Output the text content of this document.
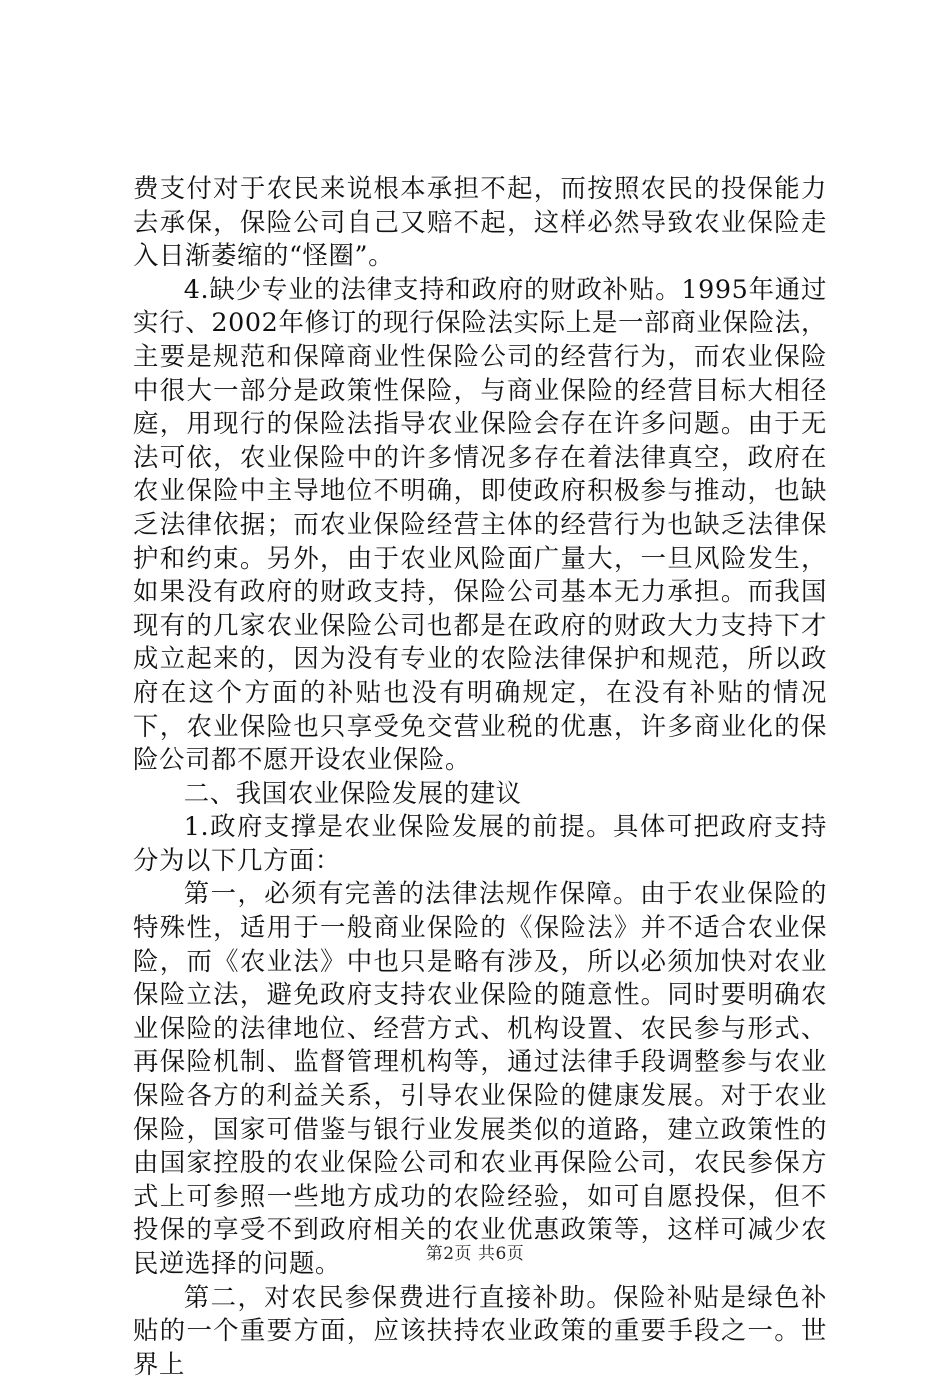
费支付对于农民来说根本承担不起，而按照农民的投保能力去承保，保险公司自己又赔不起，这样必然导致农业保险走入日渐萎缩的“怪圈”。

4.缺少专业的法律支持和政府的财政补贴。1995年通过实行、2002年修订的现行保险法实际上是一部商业保险法，主要是规范和保障商业性保险公司的经营行为，而农业保险中很大一部分是政策性保险，与商业保险的经营目标大相径庭，用现行的保险法指导农业保险会存在许多问题。由于无法可依，农业保险中的许多情况多存在着法律真空，政府在农业保险中主导地位不明确，即使政府积极参与推动，也缺乏法律依据；而农业保险经营主体的经营行为也缺乏法律保护和约束。另外，由于农业风险面广量大，一旦风险发生，如果没有政府的财政支持，保险公司基本无力承担。而我国现有的几家农业保险公司也都是在政府的财政大力支持下才成立起来的，因为没有专业的农险法律保护和规范，所以政府在这个方面的补贴也没有明确规定，在没有补贴的情况下，农业保险也只享受免交营业税的优惠，许多商业化的保险公司都不愿开设农业保险。

二、我国农业保险发展的建议

1.政府支撑是农业保险发展的前提。具体可把政府支持分为以下几方面：

第一，必须有完善的法律法规作保障。由于农业保险的特殊性，适用于一般商业保险的《保险法》并不适合农业保险，而《农业法》中也只是略有涉及，所以必须加快对农业保险立法，避免政府支持农业保险的随意性。同时要明确农业保险的法律地位、经营方式、机构设置、农民参与形式、再保险机制、监督管理机构等，通过法律手段调整参与农业保险各方的利益关系，引导农业保险的健康发展。对于农业保险，国家可借鉴与银行业发展类似的道路，建立政策性的由国家控股的农业保险公司和农业再保险公司，农民参保方式上可参照一些地方成功的农险经验，如可自愿投保，但不投保的享受不到政府相关的农业优惠政策等，这样可减少农民逆选择的问题。

第二，对农民参保费进行直接补助。保险补贴是绿色补贴的一个重要方面，应该扶持农业政策的重要手段之一。世界上

第2页 共6页
